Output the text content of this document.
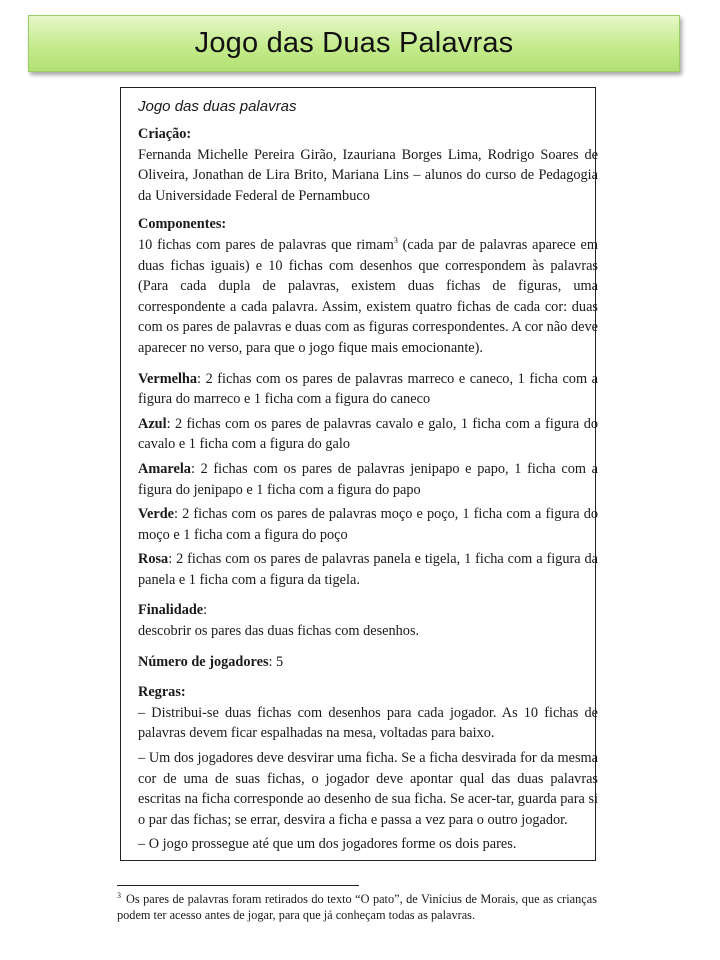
Jogo das Duas Palavras
Jogo das duas palavras
Criação:
Fernanda Michelle Pereira Girão, Izauriana Borges Lima, Rodrigo Soares de Oliveira, Jonathan de Lira Brito, Mariana Lins – alunos do curso de Pedagogia da Universidade Federal de Pernambuco
Componentes:
10 fichas com pares de palavras que rimam$^3$ (cada par de palavras aparece em duas fichas iguais) e 10 fichas com desenhos que correspondem às palavras (Para cada dupla de palavras, existem duas fichas de figuras, uma correspondente a cada palavra. Assim, existem quatro fichas de cada cor: duas com os pares de palavras e duas com as figuras correspondentes. A cor não deve aparecer no verso, para que o jogo fique mais emocionante).
Vermelha: 2 fichas com os pares de palavras marreco e caneco, 1 ficha com a figura do marreco e 1 ficha com a figura do caneco
Azul: 2 fichas com os pares de palavras cavalo e galo, 1 ficha com a figura do cavalo e 1 ficha com a figura do galo
Amarela: 2 fichas com os pares de palavras jenipapo e papo, 1 ficha com a figura do jenipapo e 1 ficha com a figura do papo
Verde: 2 fichas com os pares de palavras moço e poço, 1 ficha com a figura do moço e 1 ficha com a figura do poço
Rosa: 2 fichas com os pares de palavras panela e tigela, 1 ficha com a figura da panela e 1 ficha com a figura da tigela.
Finalidade:
descobrir os pares das duas fichas com desenhos.
Número de jogadores: 5
Regras:
– Distribui-se duas fichas com desenhos para cada jogador. As 10 fichas de palavras devem ficar espalhadas na mesa, voltadas para baixo.
– Um dos jogadores deve desvirar uma ficha. Se a ficha desvirada for da mesma cor de uma de suas fichas, o jogador deve apontar qual das duas palavras escritas na ficha corresponde ao desenho de sua ficha. Se acer-tar, guarda para si o par das fichas; se errar, desvira a ficha e passa a vez para o outro jogador.
– O jogo prossegue até que um dos jogadores forme os dois pares.
$^3$ Os pares de palavras foram retirados do texto “O pato”, de Vinícius de Morais, que as crianças podem ter acesso antes de jogar, para que já conheçam todas as palavras.
